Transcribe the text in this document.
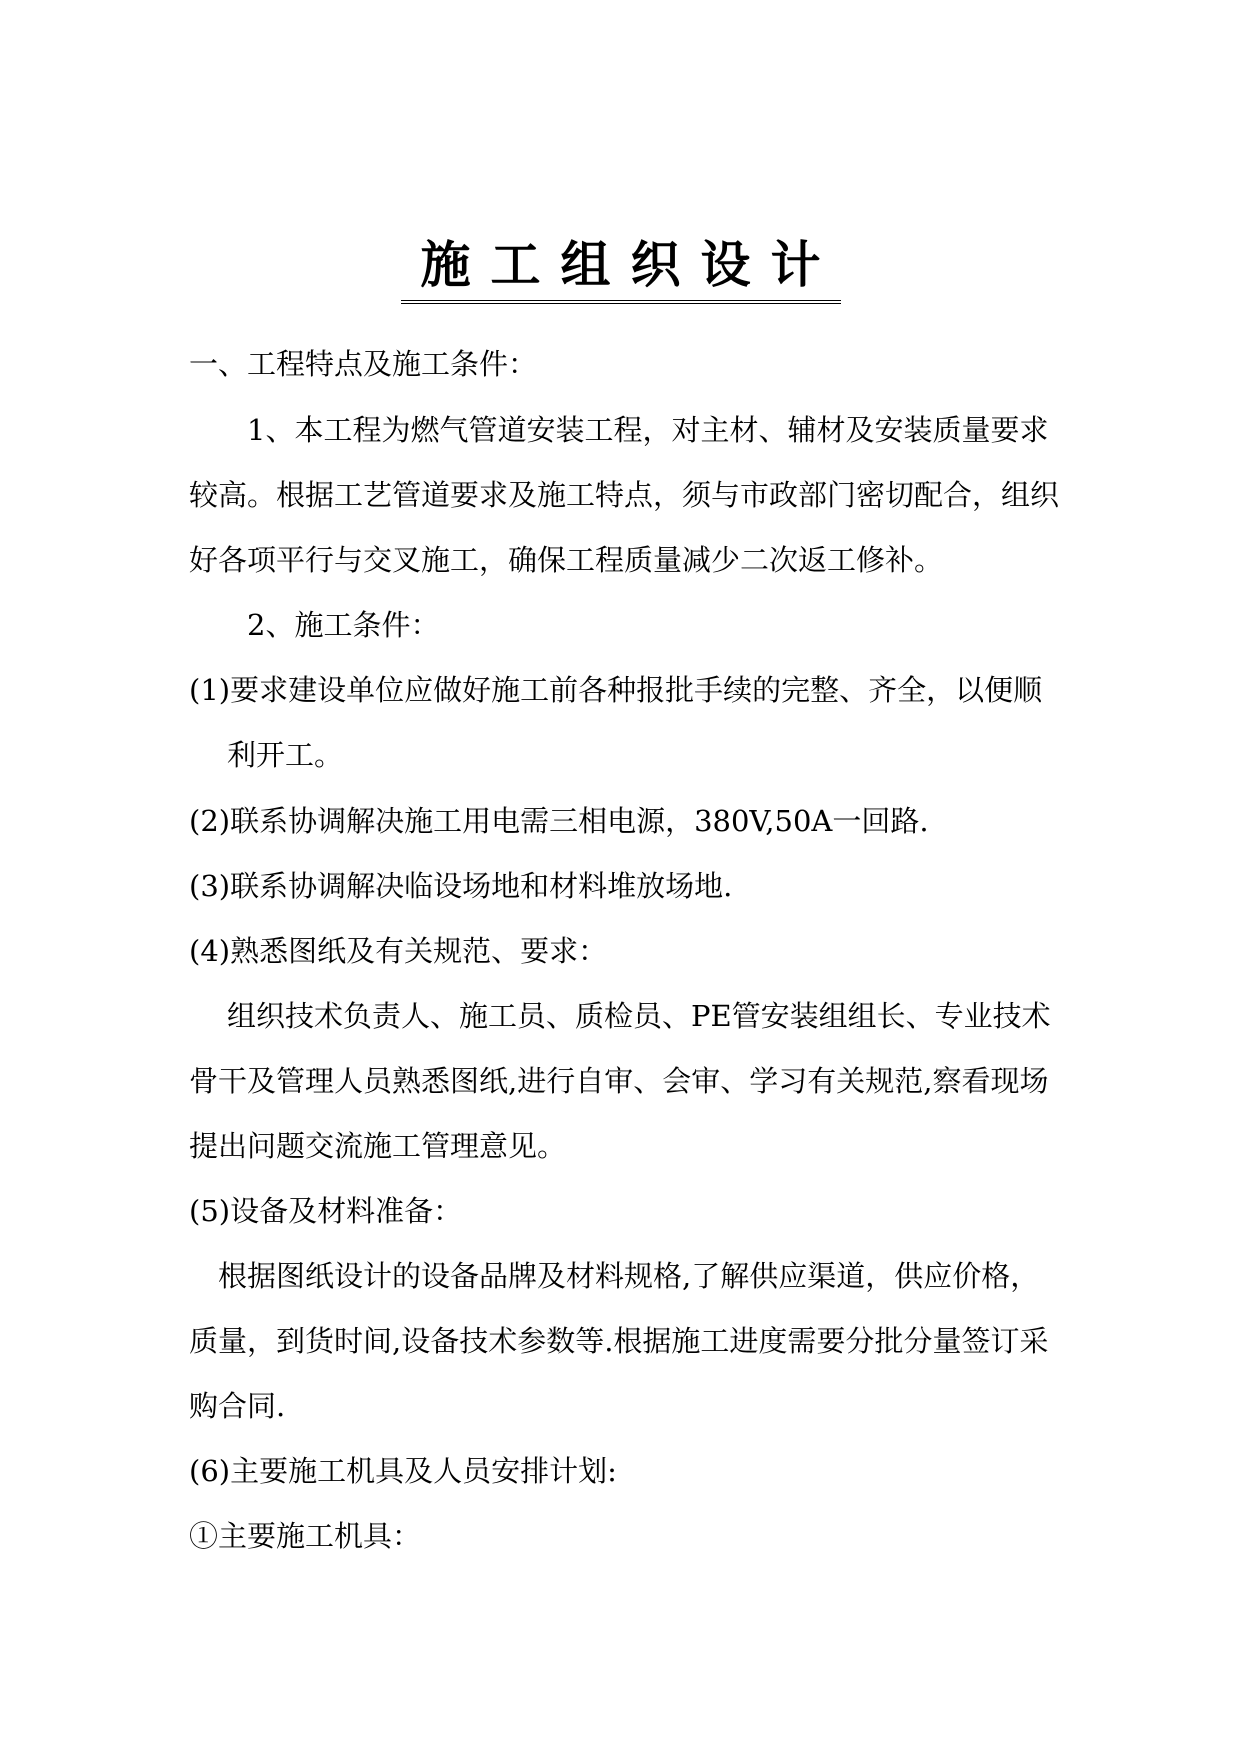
施工组织设计
一、工程特点及施工条件：
1、本工程为燃气管道安装工程，对主材、辅材及安装质量要求
较高。根据工艺管道要求及施工特点，须与市政部门密切配合，组织
好各项平行与交叉施工，确保工程质量减少二次返工修补。
2、施工条件：
(1)要求建设单位应做好施工前各种报批手续的完整、齐全，以便顺
利开工。
(2)联系协调解决施工用电需三相电源，380V,50A一回路.
(3)联系协调解决临设场地和材料堆放场地.
(4)熟悉图纸及有关规范、要求：
组织技术负责人、施工员、质检员、PE管安装组组长、专业技术
骨干及管理人员熟悉图纸,进行自审、会审、学习有关规范,察看现场
提出问题交流施工管理意见。
(5)设备及材料准备：
根据图纸设计的设备品牌及材料规格,了解供应渠道，供应价格，
质量，到货时间,设备技术参数等.根据施工进度需要分批分量签订采
购合同.
(6)主要施工机具及人员安排计划:
①主要施工机具：
